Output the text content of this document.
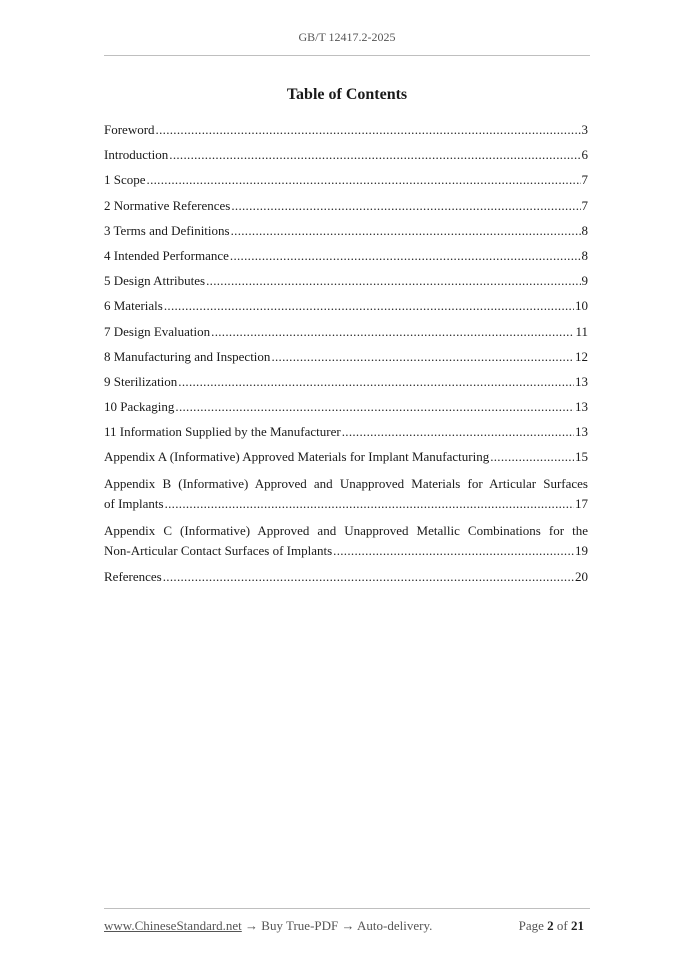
GB/T 12417.2-2025
Table of Contents
Foreword .....	3
Introduction .....	6
1 Scope .....	7
2 Normative References .....	7
3 Terms and Definitions .....	8
4 Intended Performance .....	8
5 Design Attributes .....	9
6 Materials .....	10
7 Design Evaluation .....	11
8 Manufacturing and Inspection .....	12
9 Sterilization .....	13
10 Packaging .....	13
11 Information Supplied by the Manufacturer .....	13
Appendix A (Informative) Approved Materials for Implant Manufacturing .....	15
Appendix B (Informative) Approved and Unapproved Materials for Articular Surfaces
of Implants .....	17
Appendix C (Informative) Approved and Unapproved Metallic Combinations for the
Non-Articular Contact Surfaces of Implants .....	19
References .....	20
www.ChineseStandard.net → Buy True-PDF → Auto-delivery.	Page 2 of 21
